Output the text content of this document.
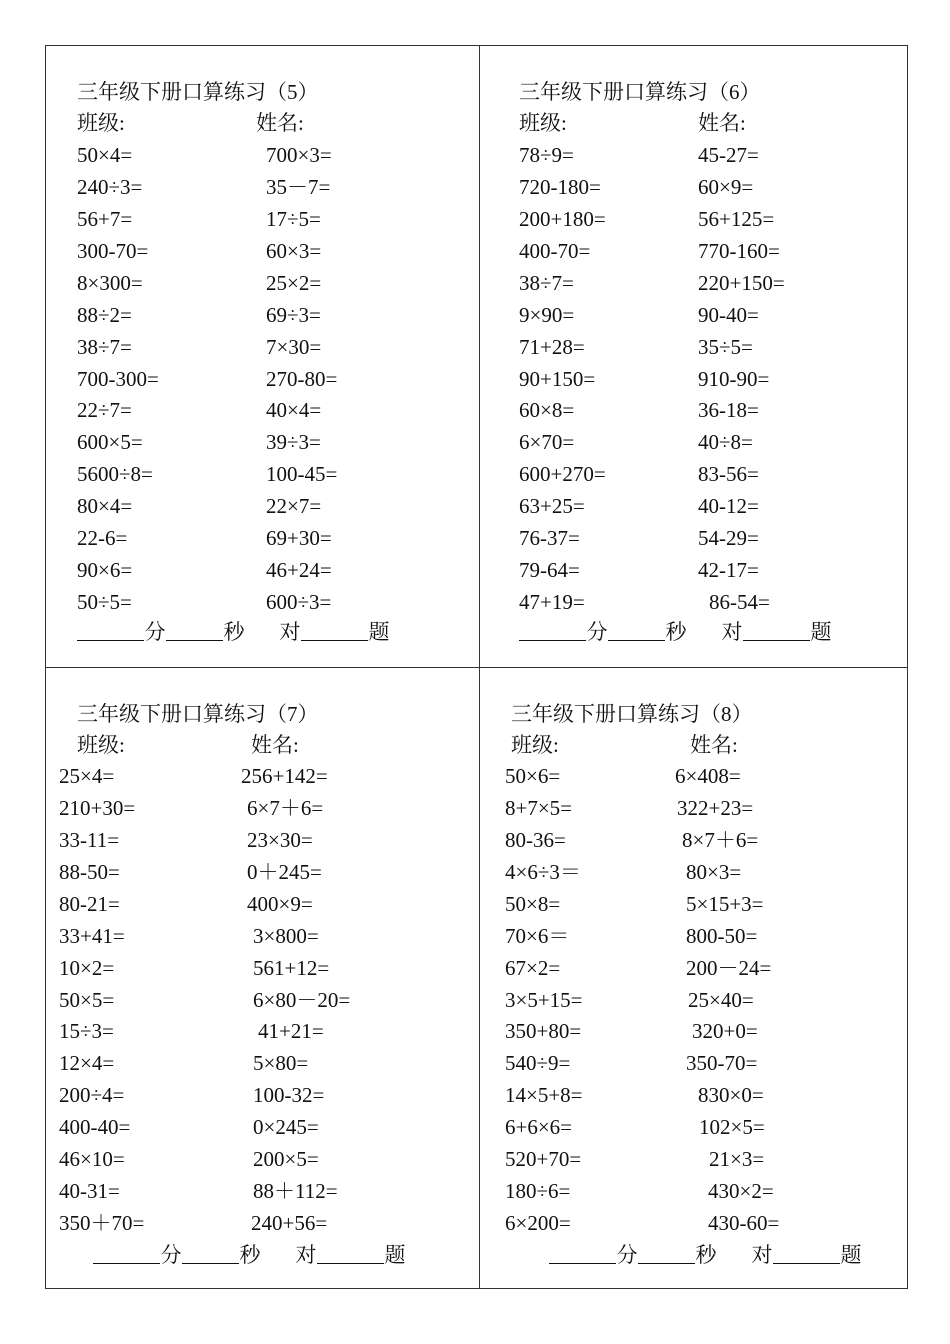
三年级下册口算练习（5）
班级:	姓名:
50×4=	700×3=
240÷3=	35－7=
56+7=	17÷5=
300-70=	60×3=
8×300=	25×2=
88÷2=	69÷3=
38÷7=	7×30=
700-300=	270-80=
22÷7=	40×4=
600×5=	39÷3=
5600÷8=	100-45=
80×4=	22×7=
22-6=	69+30=
90×6=	46+24=
50÷5=	600÷3=
分	秒 对	题
三年级下册口算练习（6）
班级:	姓名:
78÷9=	45-27=
720-180=	60×9=
200+180=	56+125=
400-70=	770-160=
38÷7=	220+150=
9×90=	90-40=
71+28=	35÷5=
90+150=	910-90=
60×8=	36-18=
6×70=	40÷8=
600+270=	83-56=
63+25=	40-12=
76-37=	54-29=
79-64=	42-17=
47+19=	86-54=
分	秒 对	题
三年级下册口算练习（7）
班级:	姓名:
25×4=	256+142=
210+30=	6×7＋6=
33-11=	23×30=
88-50=	0＋245=
80-21=	400×9=
33+41=	3×800=
10×2=	561+12=
50×5=	6×80－20=
15÷3=	41+21=
12×4=	5×80=
200÷4=	100-32=
400-40=	0×245=
46×10=	200×5=
40-31=	88＋112=
350＋70=	240+56=
分	秒 对	题
三年级下册口算练习（8）
班级:	姓名:
50×6=	6×408=
8+7×5=	322+23=
80-36=	8×7＋6=
4×6÷3＝	80×3=
50×8=	5×15+3=
70×6＝	800-50=
67×2=	200－24=
3×5+15=	25×40=
350+80=	320+0=
540÷9=	350-70=
14×5+8=	830×0=
6+6×6=	102×5=
520+70=	21×3=
180÷6=	430×2=
6×200=	430-60=
分	秒 对	题
